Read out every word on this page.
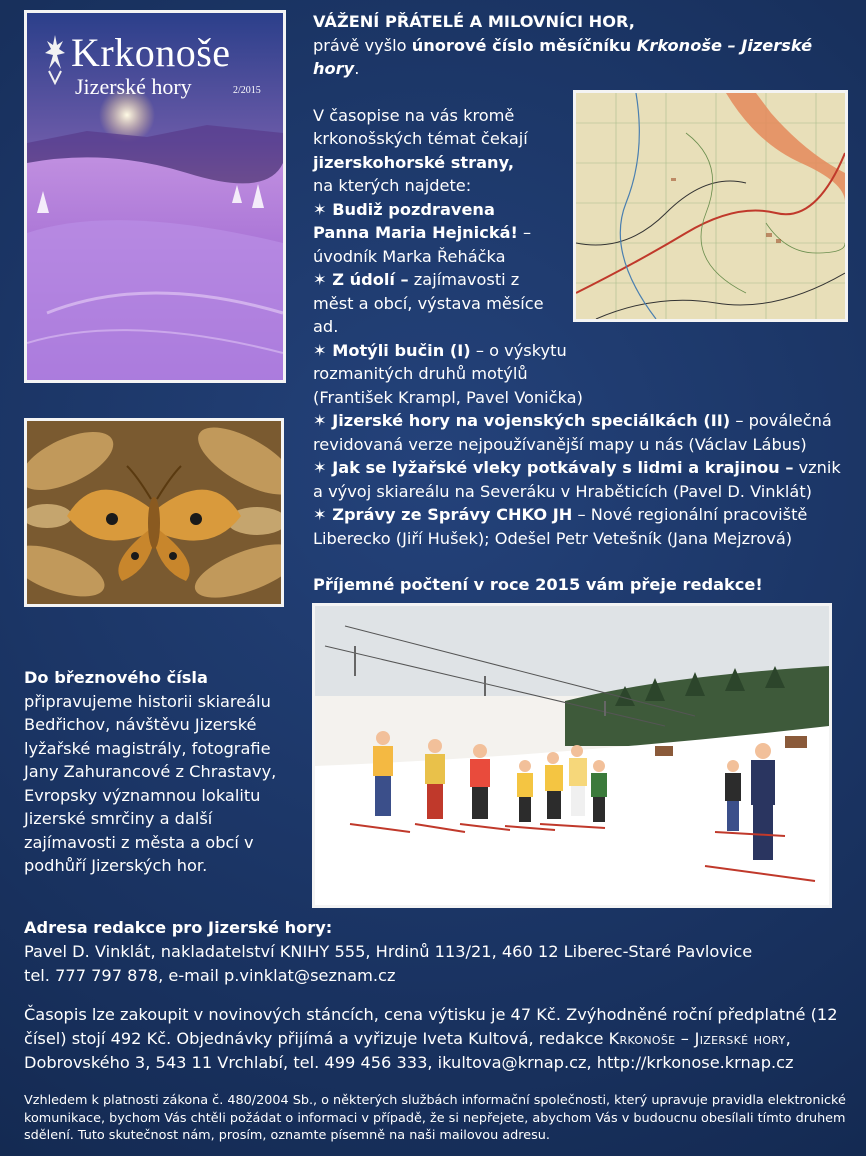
Krkonoše
Jizerské hory	2/2015

VÁŽENÍ PŘÁTELÉ A MILOVNÍCI HOR,

právě vyšlo únorové číslo měsíčníku Krkonoše – Jizerské hory.

V časopise na vás kromě

krkonošských témat čekají

jizerskohorské strany,

na kterých najdete:

✶ Budiž pozdravena Panna Maria Hejnická! – úvodník Marka Řeháčka

✶ Z údolí – zajímavosti z měst a obcí, výstava měsíce ad.

✶ Motýli bučin (I) – o výskytu rozmanitých druhů motýlů (František Krampl, Pavel Vonička)

✶ Jizerské hory na vojenských speciálkách (II) – poválečná revidovaná verze nejpoužívanější mapy u nás (Václav Lábus)

✶ Jak se lyžařské vleky potkávaly s lidmi a krajinou – vznik a vývoj skiareálu na Severáku v Hraběticích (Pavel D. Vinklát)

✶ Zprávy ze Správy CHKO JH – Nové regionální pracoviště Liberecko (Jiří Hušek); Odešel Petr Vetešník (Jana Mejzrová)

Příjemné počtení v roce 2015 vám přeje redakce!

Do březnového čísla připravujeme historii skiareálu Bedřichov, návštěvu Jizerské lyžařské magistrály, fotografie Jany Zahurancové z Chrastavy, Evropsky významnou lokalitu Jizerské smrčiny a další zajímavosti z města a obcí v podhůří Jizerských hor.

Adresa redakce pro Jizerské hory:

Pavel D. Vinklát, nakladatelství KNIHY 555, Hrdinů 113/21, 460 12 Liberec-Staré Pavlovice

tel. 777 797 878, e-mail p.vinklat@seznam.cz

Časopis lze zakoupit v novinových stáncích, cena výtisku je 47 Kč. Zvýhodněné roční předplatné (12 čísel) stojí 492 Kč. Objednávky přijímá a vyřizuje Iveta Kultová, redakce Krkonoše – Jizerské hory, Dobrovského 3, 543 11 Vrchlabí, tel. 499 456 333, ikultova@krnap.cz, http://krkonose.krnap.cz

Vzhledem k platnosti zákona č. 480/2004 Sb., o některých službách informační společnosti, který upravuje pravidla elektronické komunikace, bychom Vás chtěli požádat o informaci v případě, že si nepřejete, abychom Vás v budoucnu obesílali tímto druhem sdělení. Tuto skutečnost nám, prosím, oznamte písemně na naši mailovou adresu.
